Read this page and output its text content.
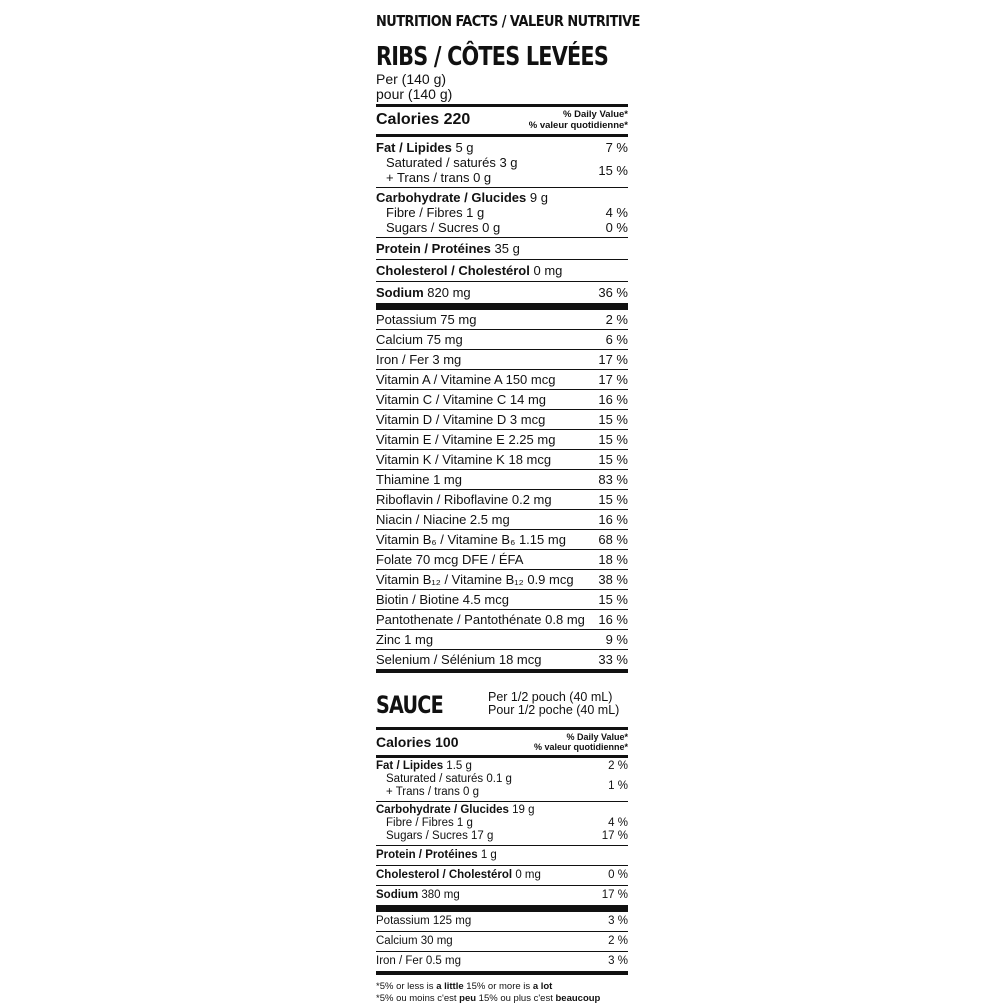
NUTRITION FACTS / VALEUR NUTRITIVE
RIBS / CÔTES LEVÉES
Per (140 g)
pour (140 g)
Calories 220	% Daily Value*
% valeur quotidienne*
Fat / Lipides 5 g	7 %
Saturated / saturés 3 g
+ Trans / trans 0 g	15 %
Carbohydrate / Glucides 9 g
Fibre / Fibres 1 g	4 %
Sugars / Sucres 0 g	0 %
Protein / Protéines 35 g
Cholesterol / Cholestérol 0 mg
Sodium 820 mg	36 %
Potassium 75 mg	2 %
Calcium 75 mg	6 %
Iron / Fer 3 mg	17 %
Vitamin A / Vitamine A 150 mcg	17 %
Vitamin C / Vitamine C 14 mg	16 %
Vitamin D / Vitamine D 3 mcg	15 %
Vitamin E / Vitamine E 2.25 mg	15 %
Vitamin K / Vitamine K 18 mcg	15 %
Thiamine 1 mg	83 %
Riboflavin / Riboflavine 0.2 mg	15 %
Niacin / Niacine 2.5 mg	16 %
Vitamin B₆ / Vitamine B₆ 1.15 mg 68 %
Folate 70 mcg DFE / ÉFA	18 %
Vitamin B₁₂ / Vitamine B₁₂ 0.9 mcg 38 %
Biotin / Biotine 4.5 mcg	15 %
Pantothenate / Pantothénate 0.8 mg 16 %
Zinc 1 mg	9 %
Selenium / Sélénium 18 mcg	33 %
SAUCE	Per 1/2 pouch (40 mL)
Pour 1/2 poche (40 mL)
Calories 100	% Daily Value*
% valeur quotidienne*
Fat / Lipides 1.5 g	2 %
Saturated / saturés 0.1 g
+ Trans / trans 0 g
1 %
Carbohydrate / Glucides 19 g
Fibre / Fibres 1 g	4 %
Sugars / Sucres 17 g	17 %
Protein / Protéines 1 g
Cholesterol / Cholestérol 0 mg	0 %
Sodium 380 mg	17 %
Potassium 125 mg	3 %
Calcium 30 mg	2 %
Iron / Fer 0.5 mg	3 %
*5% or less is a little 15% or more is a lot
*5% ou moins c'est peu 15% ou plus c'est beaucoup
